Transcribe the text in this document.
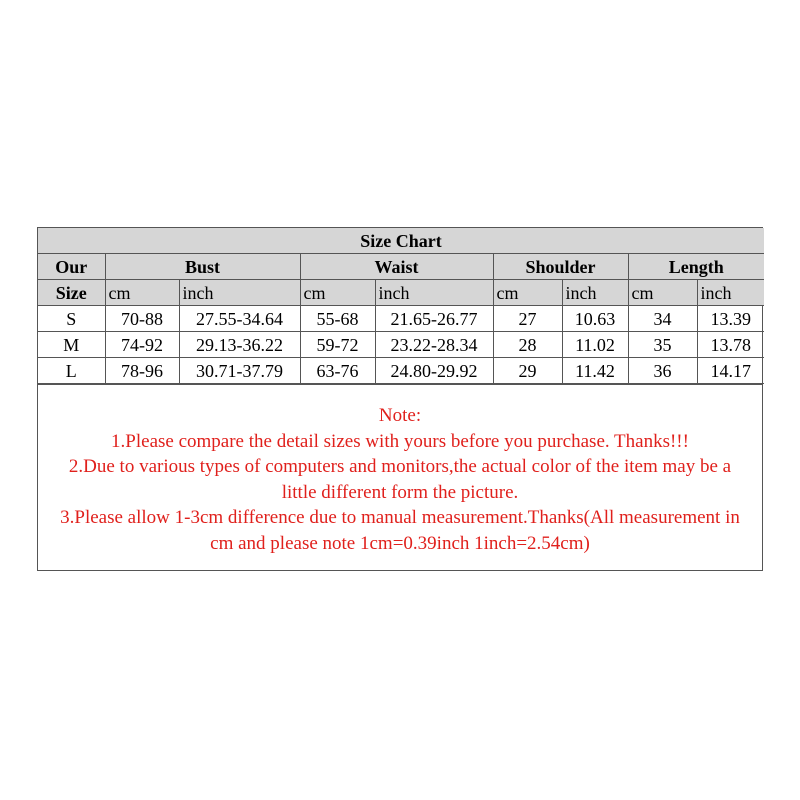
Size Chart								
Our	Bust		Waist		Shoulder		Length	
Size	cm	inch	cm	inch	cm	inch	cm	inch
S	70-88	27.55-34.64	55-68	21.65-26.77	27	10.63	34	13.39
M	74-92	29.13-36.22	59-72	23.22-28.34	28	11.02	35	13.78
L	78-96	30.71-37.79	63-76	24.80-29.92	29	11.42	36	14.17
Note:
1.Please compare the detail sizes with yours before you purchase. Thanks!!!
2.Due to various types of computers and monitors,the actual color of the item may be a
little different form the picture.
3.Please allow 1-3cm difference due to manual measurement.Thanks(All measurement in
cm and please note 1cm=0.39inch 1inch=2.54cm)
